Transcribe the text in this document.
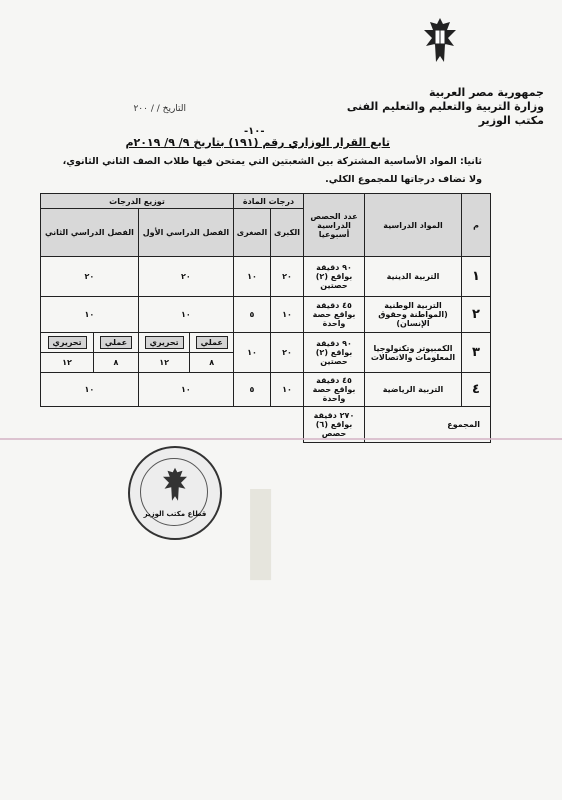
جمهورية مصر العربية
وزارة التربية والتعليم والتعليم الفنى
مكتب الوزير
التاريخ / / ٢٠٠
-١٠-
تابع القرار الوزاري رقم (١٩١) بتاريخ ٩/ ٩/ ٢٠١٩م
ثانيا: المواد الأساسية المشتركة بين الشعبتين التي يمتحن فيها طلاب الصف الثاني الثانوي،
ولا تضاف درجاتها للمجموع الكلي.
م	المواد الدراسية	عدد الحصص الدراسية أسبوعيا	درجات المادة		توزيع الدرجات			
			الكبرى	الصغرى	الفصل الدراسي الأول		الفصل الدراسي الثاني	
١	التربية الدينية	٩٠ دقيقة بواقع (٢) حصتين	٢٠	١٠	٢٠		٢٠	
٢	التربية الوطنية (المواطنة وحقوق الإنسان)	٤٥ دقيقة بواقع حصة واحدة	١٠	٥	١٠		١٠	
٣	الكمبيوتر وتكنولوجيا المعلومات والاتصالات	٩٠ دقيقة بواقع (٢) حصتين	٢٠	١٠	عملي	تحريري	عملي	تحريري
					٨	١٢	٨	١٢
٤	التربية الرياضية	٤٥ دقيقة بواقع حصة واحدة	١٠	٥	١٠		١٠	
المجموع		٢٧٠ دقيقة
بواقع (٦) حصص						

ا
قطاع مكتب الوزير
